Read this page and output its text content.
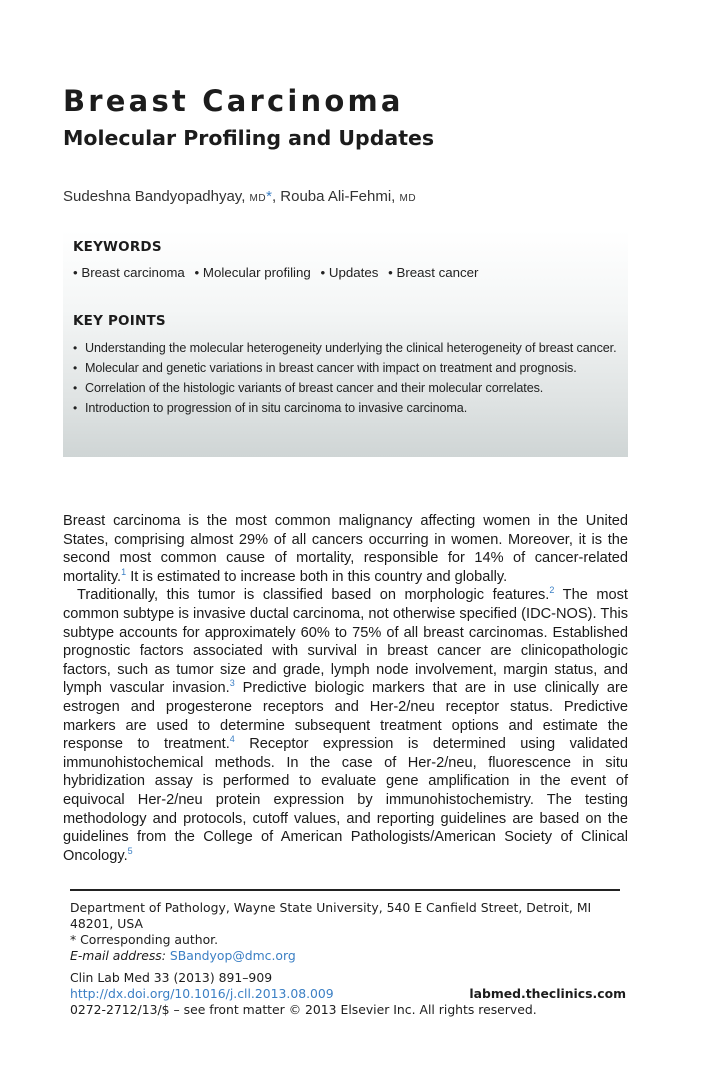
Breast Carcinoma
Molecular Profiling and Updates
Sudeshna Bandyopadhyay, MD*, Rouba Ali-Fehmi, MD
KEYWORDS
• Breast carcinoma • Molecular profiling • Updates • Breast cancer
KEY POINTS
• Understanding the molecular heterogeneity underlying the clinical heterogeneity of breast cancer.
• Molecular and genetic variations in breast cancer with impact on treatment and prognosis.
• Correlation of the histologic variants of breast cancer and their molecular correlates.
• Introduction to progression of in situ carcinoma to invasive carcinoma.

Breast carcinoma is the most common malignancy affecting women in the United States, comprising almost 29% of all cancers occurring in women. Moreover, it is the second most common cause of mortality, responsible for 14% of cancer-related mortality.$^1$ It is estimated to increase both in this country and globally.

Traditionally, this tumor is classified based on morphologic features.$^2$ The most common subtype is invasive ductal carcinoma, not otherwise specified (IDC-NOS). This subtype accounts for approximately 60% to 75% of all breast carcinomas. Established prognostic factors associated with survival in breast cancer are clinicopathologic factors, such as tumor size and grade, lymph node involvement, margin status, and lymph vascular invasion.$^3$ Predictive biologic markers that are in use clinically are estrogen and progesterone receptors and Her-2/neu receptor status. Predictive markers are used to determine subsequent treatment options and estimate the response to treatment.$^4$ Receptor expression is determined using validated immunohistochemical methods. In the case of Her-2/neu, fluorescence in situ hybridization assay is performed to evaluate gene amplification in the event of equivocal Her-2/neu protein expression by immunohistochemistry. The testing methodology and protocols, cutoff values, and reporting guidelines are based on the guidelines from the College of American Pathologists/American Society of Clinical Oncology.$^5$

Department of Pathology, Wayne State University, 540 E Canfield Street, Detroit, MI 48201, USA
* Corresponding author.
E-mail address: SBandyop@dmc.org
Clin Lab Med 33 (2013) 891–909
http://dx.doi.org/10.1016/j.cll.2013.08.009	labmed.theclinics.com
0272-2712/13/$ – see front matter © 2013 Elsevier Inc. All rights reserved.
